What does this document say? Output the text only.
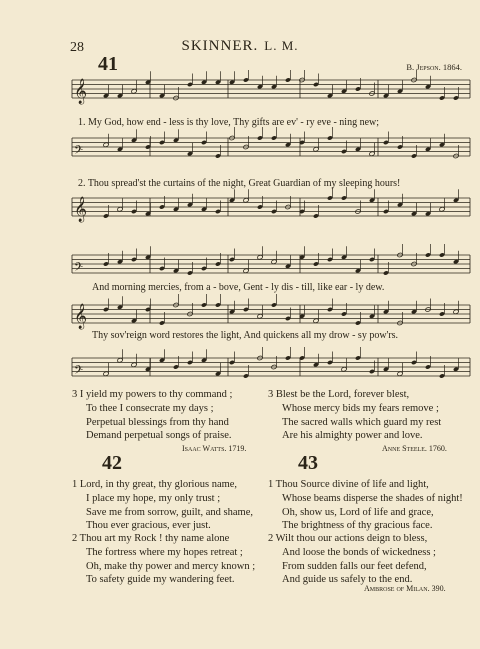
28	SKINNER. L. M.
41	B. Jepson. 1864.
𝄞
𝄢
𝄞
𝄢
𝄞
𝄢
1. My God, how end - less is thy love, Thy gifts are ev' - ry eve - ning new;
2. Thou spread'st the curtains of the night, Great Guardian of my sleeping hours!
And morning mercies, from a - bove, Gent - ly dis - till, like ear - ly dew.
Thy sov'reign word restores the light, And quickens all my drow - sy pow'rs.
3 I yield my powers to thy command ;
To thee I consecrate my days ;
Perpetual blessings from thy hand
Demand perpetual songs of praise.
Isaac Watts. 1719.
3 Blest be the Lord, forever blest,
Whose mercy bids my fears remove ;
The sacred walls which guard my rest
Are his almighty power and love.
Anne Steele. 1760.
42
1 Lord, in thy great, thy glorious name,
I place my hope, my only trust ;
Save me from sorrow, guilt, and shame,
Thou ever gracious, ever just.
2 Thou art my Rock ! thy name alone
The fortress where my hopes retreat ;
Oh, make thy power and mercy known ;
To safety guide my wandering feet.
43
1 Thou Source divine of life and light,
Whose beams disperse the shades of night!
Oh, show us, Lord of life and grace,
The brightness of thy gracious face.
2 Wilt thou our actions deign to bless,
And loose the bonds of wickedness ;
From sudden falls our feet defend,
And guide us safely to the end.
Ambrose of Milan. 390.
